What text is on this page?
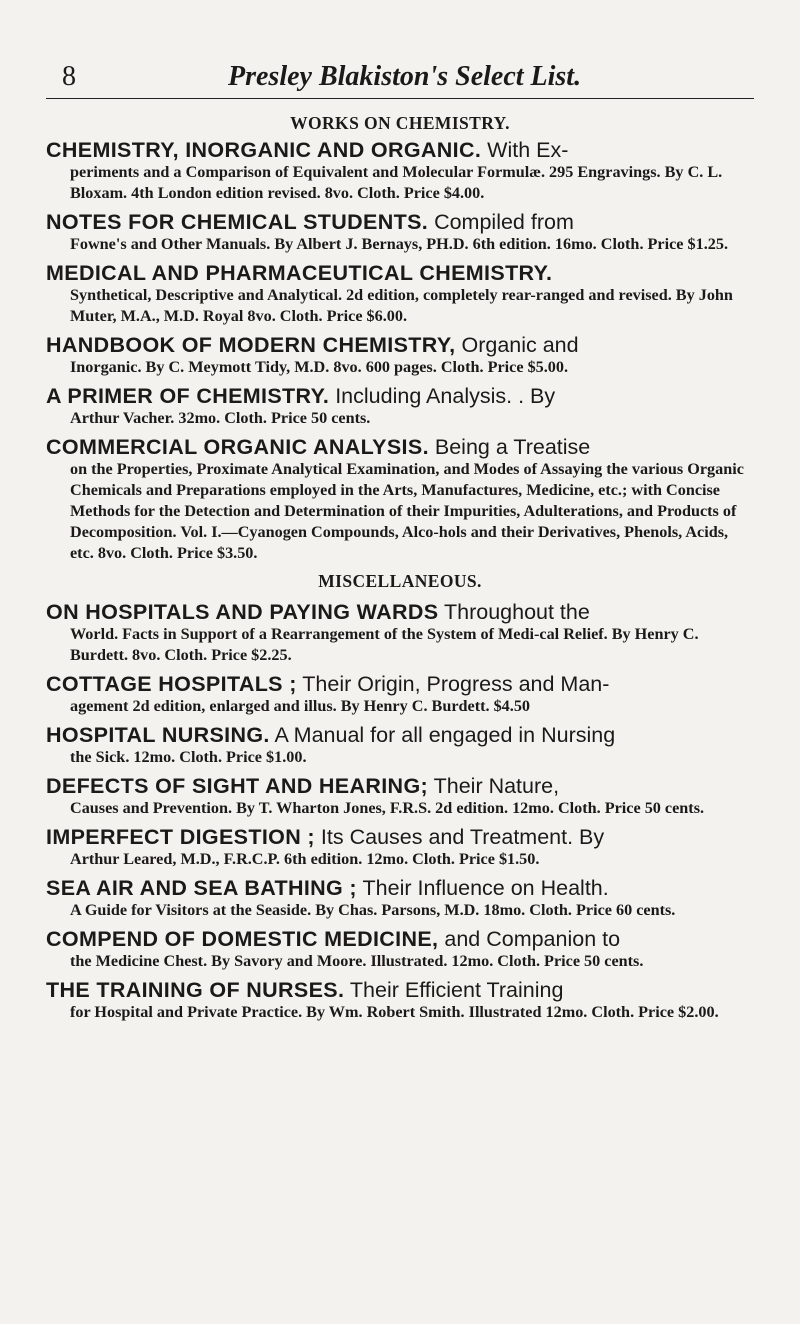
8	Presley Blakiston's Select List.

WORKS ON CHEMISTRY.

CHEMISTRY, INORGANIC AND ORGANIC. With Ex-
periments and a Comparison of Equivalent and Molecular Formulæ. 295 Engravings. By C. L. Bloxam. 4th London edition revised. 8vo. Cloth. Price $4.00.
NOTES FOR CHEMICAL STUDENTS. Compiled from
Fowne's and Other Manuals. By Albert J. Bernays, PH.D. 6th edition. 16mo. Cloth. Price $1.25.
MEDICAL AND PHARMACEUTICAL CHEMISTRY.
Synthetical, Descriptive and Analytical. 2d edition, completely rear-ranged and revised. By John Muter, M.A., M.D. Royal 8vo. Cloth. Price $6.00.
HANDBOOK OF MODERN CHEMISTRY, Organic and
Inorganic. By C. Meymott Tidy, M.D. 8vo. 600 pages. Cloth. Price $5.00.
A PRIMER OF CHEMISTRY. Including Analysis. . By
Arthur Vacher. 32mo. Cloth. Price 50 cents.
COMMERCIAL ORGANIC ANALYSIS. Being a Treatise
on the Properties, Proximate Analytical Examination, and Modes of Assaying the various Organic Chemicals and Preparations employed in the Arts, Manufactures, Medicine, etc.; with Concise Methods for the Detection and Determination of their Impurities, Adulterations, and Products of Decomposition. Vol. I.—Cyanogen Compounds, Alco-hols and their Derivatives, Phenols, Acids, etc. 8vo. Cloth. Price $3.50.

MISCELLANEOUS.

ON HOSPITALS AND PAYING WARDS Throughout the
World. Facts in Support of a Rearrangement of the System of Medi-cal Relief. By Henry C. Burdett. 8vo. Cloth. Price $2.25.
COTTAGE HOSPITALS ; Their Origin, Progress and Man-
agement 2d edition, enlarged and illus. By Henry C. Burdett. $4.50
HOSPITAL NURSING. A Manual for all engaged in Nursing
the Sick. 12mo. Cloth. Price $1.00.
DEFECTS OF SIGHT AND HEARING; Their Nature,
Causes and Prevention. By T. Wharton Jones, F.R.S. 2d edition. 12mo. Cloth. Price 50 cents.
IMPERFECT DIGESTION ; Its Causes and Treatment. By
Arthur Leared, M.D., F.R.C.P. 6th edition. 12mo. Cloth. Price $1.50.
SEA AIR AND SEA BATHING ; Their Influence on Health.
A Guide for Visitors at the Seaside. By Chas. Parsons, M.D. 18mo. Cloth. Price 60 cents.
COMPEND OF DOMESTIC MEDICINE, and Companion to
the Medicine Chest. By Savory and Moore. Illustrated. 12mo. Cloth. Price 50 cents.
THE TRAINING OF NURSES. Their Efficient Training
for Hospital and Private Practice. By Wm. Robert Smith. Illustrated 12mo. Cloth. Price $2.00.
